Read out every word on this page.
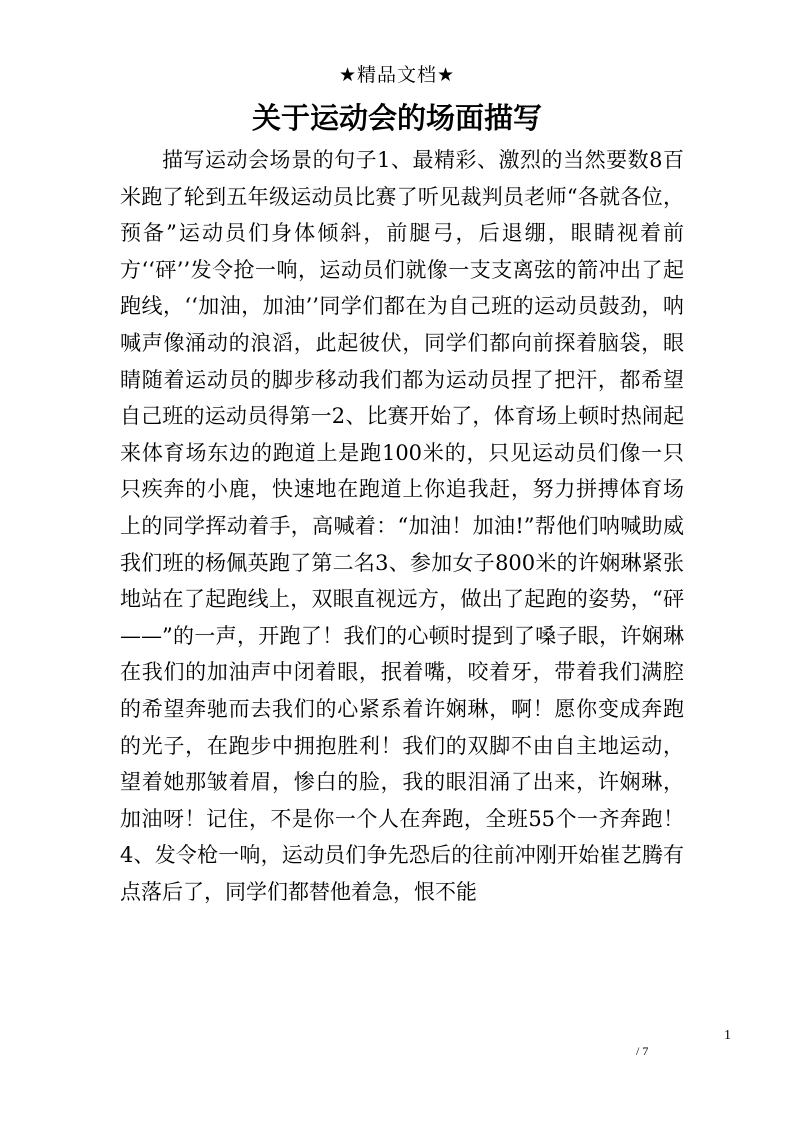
★精品文档★
关于运动会的场面描写

描写运动会场景的句子1、最精彩、激烈的当然要数8百米跑了轮到五年级运动员比赛了听见裁判员老师“各就各位，预备”运动员们身体倾斜，前腿弓，后退绷，眼睛视着前方‘‘砰’’发令抢一响，运动员们就像一支支离弦的箭冲出了起跑线，‘‘加油，加油’’同学们都在为自己班的运动员鼓劲，呐喊声像涌动的浪滔，此起彼伏，同学们都向前探着脑袋，眼睛随着运动员的脚步移动我们都为运动员捏了把汗，都希望自己班的运动员得第一2、比赛开始了，体育场上顿时热闹起来体育场东边的跑道上是跑100米的，只见运动员们像一只只疾奔的小鹿，快速地在跑道上你追我赶，努力拼搏体育场上的同学挥动着手，高喊着：“加油！加油!”帮他们呐喊助威我们班的杨佩英跑了第二名3、参加女子800米的许娴琳紧张地站在了起跑线上，双眼直视远方，做出了起跑的姿势，“砰——”的一声，开跑了！我们的心顿时提到了嗓子眼，许娴琳在我们的加油声中闭着眼，抿着嘴，咬着牙，带着我们满腔的希望奔驰而去我们的心紧系着许娴琳，啊！愿你变成奔跑的光子，在跑步中拥抱胜利！我们的双脚不由自主地运动，望着她那皱着眉，惨白的脸，我的眼泪涌了出来，许娴琳，加油呀！记住，不是你一个人在奔跑，全班55个一齐奔跑！4、发令枪一响，运动员们争先恐后的往前冲刚开始崔艺腾有点落后了，同学们都替他着急，恨不能

1
/ 7
